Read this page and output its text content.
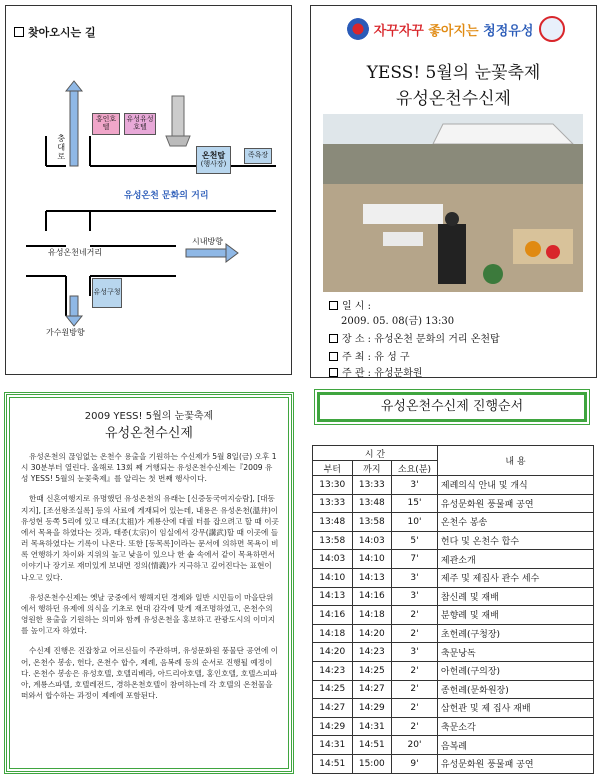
찾아오시는 길
홍인호텔
유성유성호텔
온천탑
(행사장)
족욕장
유성구청
충대로
유성온천 문화의 거리
유성온천네거리
시내방향
가수원방향
자꾸자꾸 좋아지는 청정유성
YESS! 5월의 눈꽃축제
유성온천수신제
일 시 :
2009. 05. 08(금) 13:30
장 소 : 유성온천 문화의 거리 온천탑
주 최 : 유 성 구
주 관 : 유성문화원
2009 YESS! 5월의 눈꽃축제
유성온천수신제

유성온천의 끊임없는 온천수 용출을 기원하는 수신제가 5월 8일(금) 오후 1시 30분부터 열린다. 올해로 13회 째 거행되는 유성온천수신제는『2009 유성 YESS! 5월의 눈꽃축제』를 알리는 첫 번째 행사이다.

한때 신혼여행지로 유명했던 유성온천의 유래는 [신증동국여지승람], [대동지지], [조선왕조실록] 등의 사료에 게재되어 있는데, 내용은 유성온천(溫井)이 유성현 동쪽 5리에 있고 태조(太祖)가 계룡산에 대궐 터를 잡으려고 할 때 이곳에서 목욕을 하였다는 것과, 태종(太宗)이 임실에서 강무(講武)할 때 이곳에 들러 목욕하였다는 기록이 나온다. 또한 [동목록]이라는 문서에 의하면 목욕이 비록 연행하기 차이와 지위의 높고 낮음이 있으나 한 솥 속에서 같이 목욕하면서 이야기나 장기로 재미있게 보내면 정의(情義)가 지극하고 깊어진다는 표현이 나오고 있다.

유성온천수신제는 옛날 궁중에서 행해지던 경제와 일반 시민들이 마을단위에서 행하던 유제에 의식을 기초로 현대 감각에 맞게 재조명하였고, 온천수의 영원한 용출을 기원하는 의미와 함께 유성온천을 홍보하고 관광도시의 이미지를 높이고자 하였다.

수신제 진행은 진잡창교 어르신들이 주관하며, 유성문화원 풍물단 공연에 이어, 온천수 봉송, 헌다, 온천수 합수, 제례, 음복례 등의 순서로 진행될 예정이다. 온천수 봉송은 유성호텔, 호텔리베라, 아드리아호텔, 홍인호텔, 호텔스피파아, 계룡스파텔, 호텔레전드, 경하온천호텔이 참여하는데 각 호텔의 온천물을 떠와서 합수하는 과정이 제례에 포함된다.

유성온천수신제 진행순서
시 간			내 용
부터	까지	소요(분)	
13:30	13:33	3'	제례의식 안내 및 개식
13:33	13:48	15'	유성문화원 풍물패 공연
13:48	13:58	10'	온천수 봉송
13:58	14:03	5'	헌다 및 온천수 합수
14:03	14:10	7'	제관소개
14:10	14:13	3'	제주 및 제집사 관수 세수
14:13	14:16	3'	참신례 및 재배
14:16	14:18	2'	분향례 및 재배
14:18	14:20	2'	초헌례(구청장)
14:20	14:23	3'	축문낭독
14:23	14:25	2'	아헌례(구의장)
14:25	14:27	2'	종헌례(문화원장)
14:27	14:29	2'	삼헌관 및 제 집사 재배
14:29	14:31	2'	축문소각
14:31	14:51	20'	음복례
14:51	15:00	9'	유성문화원 풍물패 공연
